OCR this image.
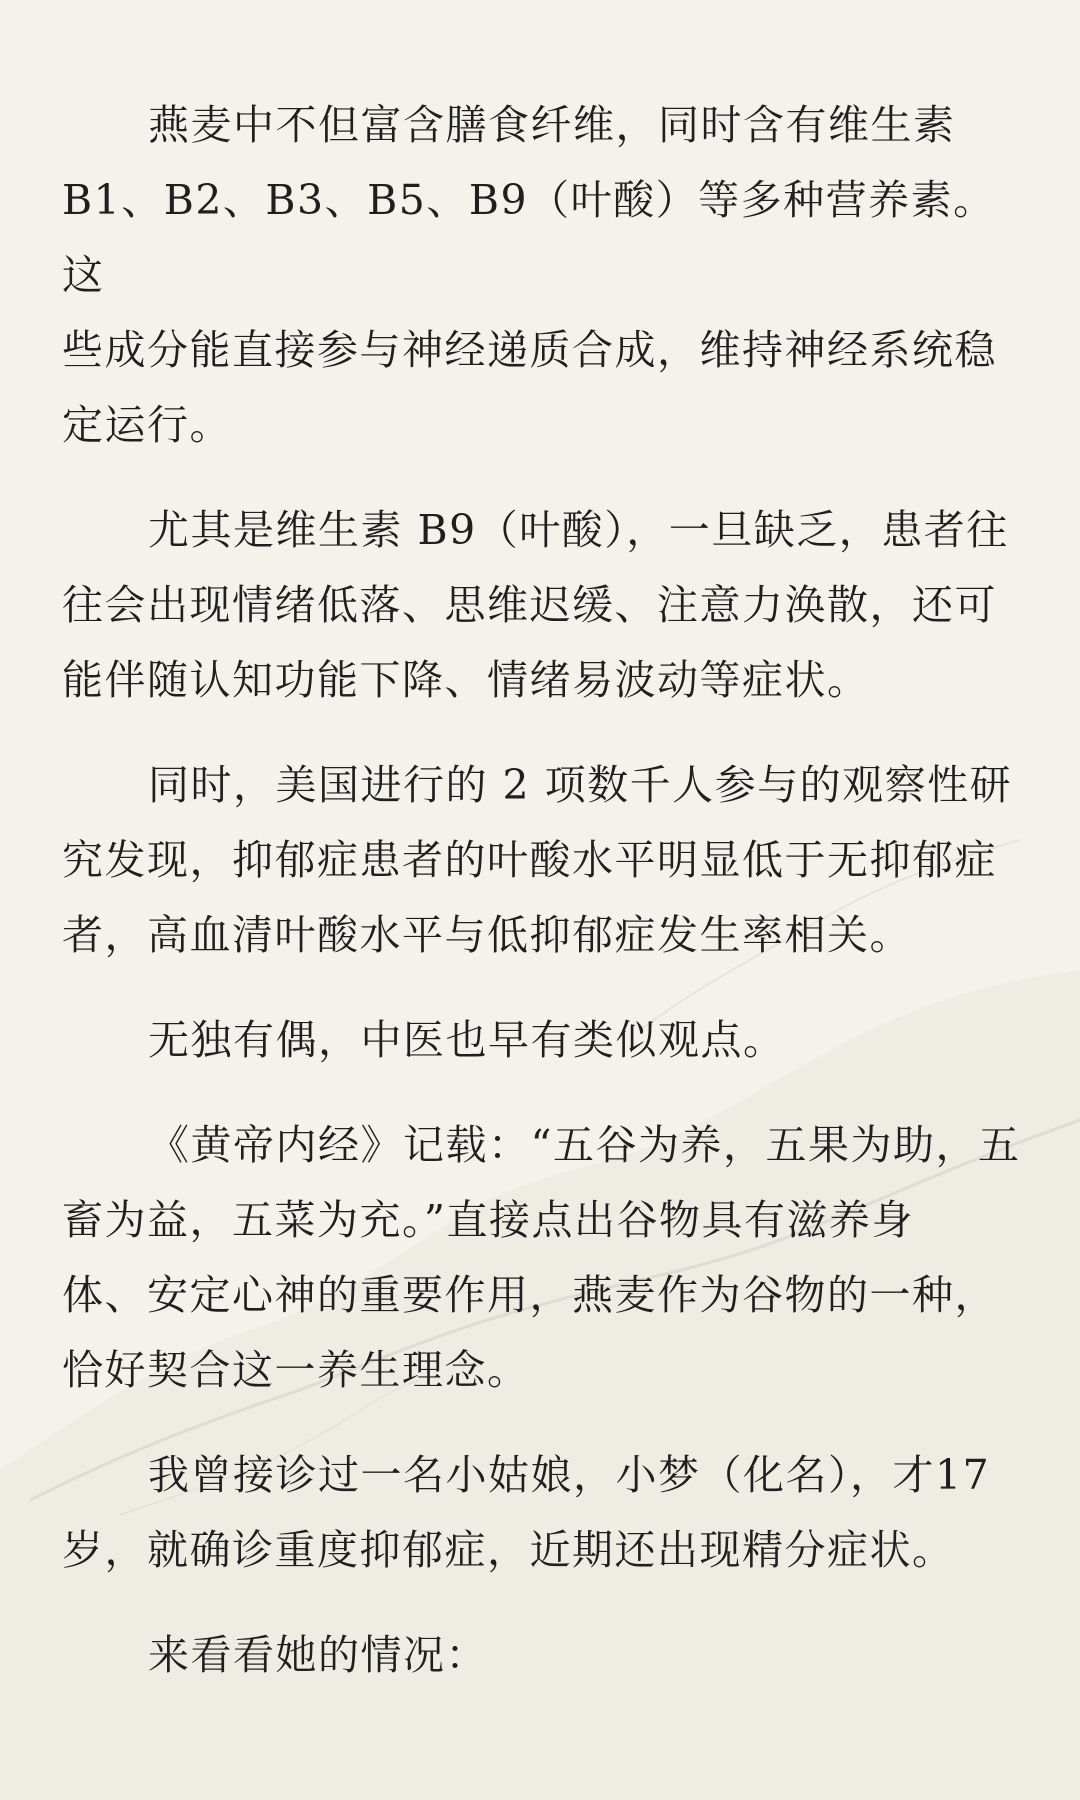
燕麦中不但富含膳食纤维，同时含有维生素
B1、B2、B3、B5、B9（叶酸）等多种营养素。这
些成分能直接参与神经递质合成，维持神经系统稳
定运行。

尤其是维生素 B9（叶酸），一旦缺乏，患者往
往会出现情绪低落、思维迟缓、注意力涣散，还可
能伴随认知功能下降、情绪易波动等症状。

同时，美国进行的 2 项数千人参与的观察性研
究发现，抑郁症患者的叶酸水平明显低于无抑郁症
者，高血清叶酸水平与低抑郁症发生率相关。

无独有偶，中医也早有类似观点。

《黄帝内经》记载：“五谷为养，五果为助，五
畜为益，五菜为充。”直接点出谷物具有滋养身
体、安定心神的重要作用，燕麦作为谷物的一种，
恰好契合这一养生理念。

我曾接诊过一名小姑娘，小梦（化名），才17
岁，就确诊重度抑郁症，近期还出现精分症状。

来看看她的情况：
